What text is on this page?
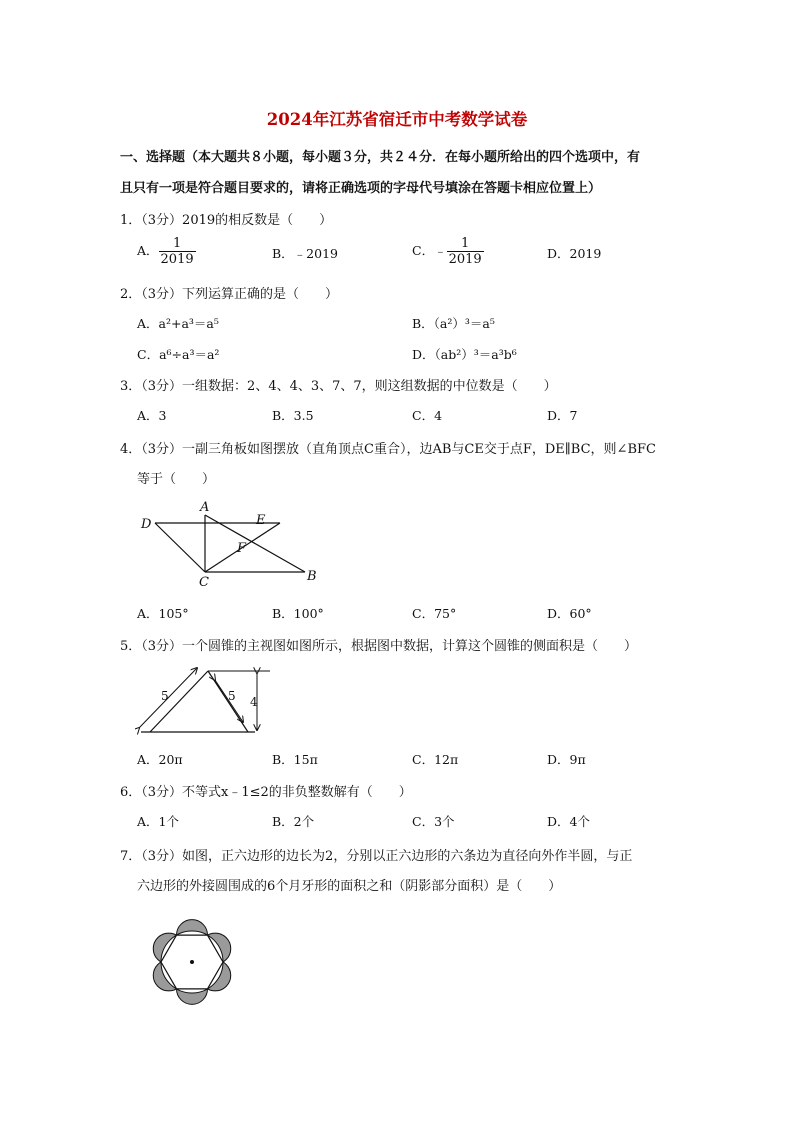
2024年江苏省宿迁市中考数学试卷
一、选择题（本大题共８小题，每小题３分，共２４分．在每小题所给出的四个选项中，有
且只有一项是符合题目要求的，请将正确选项的字母代号填涂在答题卡相应位置上）
1．（3分）2019的相反数是（　　）
A． $\frac{1}{2019}$	B．﹣2019	C．﹣ $\frac{1}{2019}$	D．2019
2．（3分）下列运算正确的是（　　）
A．a²+a³＝a⁵	B．（a²）³＝a⁵
C．a⁶÷a³＝a²	D．（ab²）³＝a³b⁶
3．（3分）一组数据：2、4、4、3、7、7，则这组数据的中位数是（　　）
A．3	B．3.5	C．4	D．7
4．（3分）一副三角板如图摆放（直角顶点C重合），边AB与CE交于点F，DE∥BC，则∠BFC
等于（　　）
A
B
C
D	E
F
A．105°	B．100°	C．75°	D．60°
5．（3分）一个圆锥的主视图如图所示，根据图中数据，计算这个圆锥的侧面积是（　　）
5	5 4
A．20π	B．15π	C．12π	D．9π
6．（3分）不等式x﹣1≤2的非负整数解有（　　）
A．1个	B．2个	C．3个	D．4个
7．（3分）如图，正六边形的边长为2，分别以正六边形的六条边为直径向外作半圆，与正
六边形的外接圆围成的6个月牙形的面积之和（阴影部分面积）是（　　）
